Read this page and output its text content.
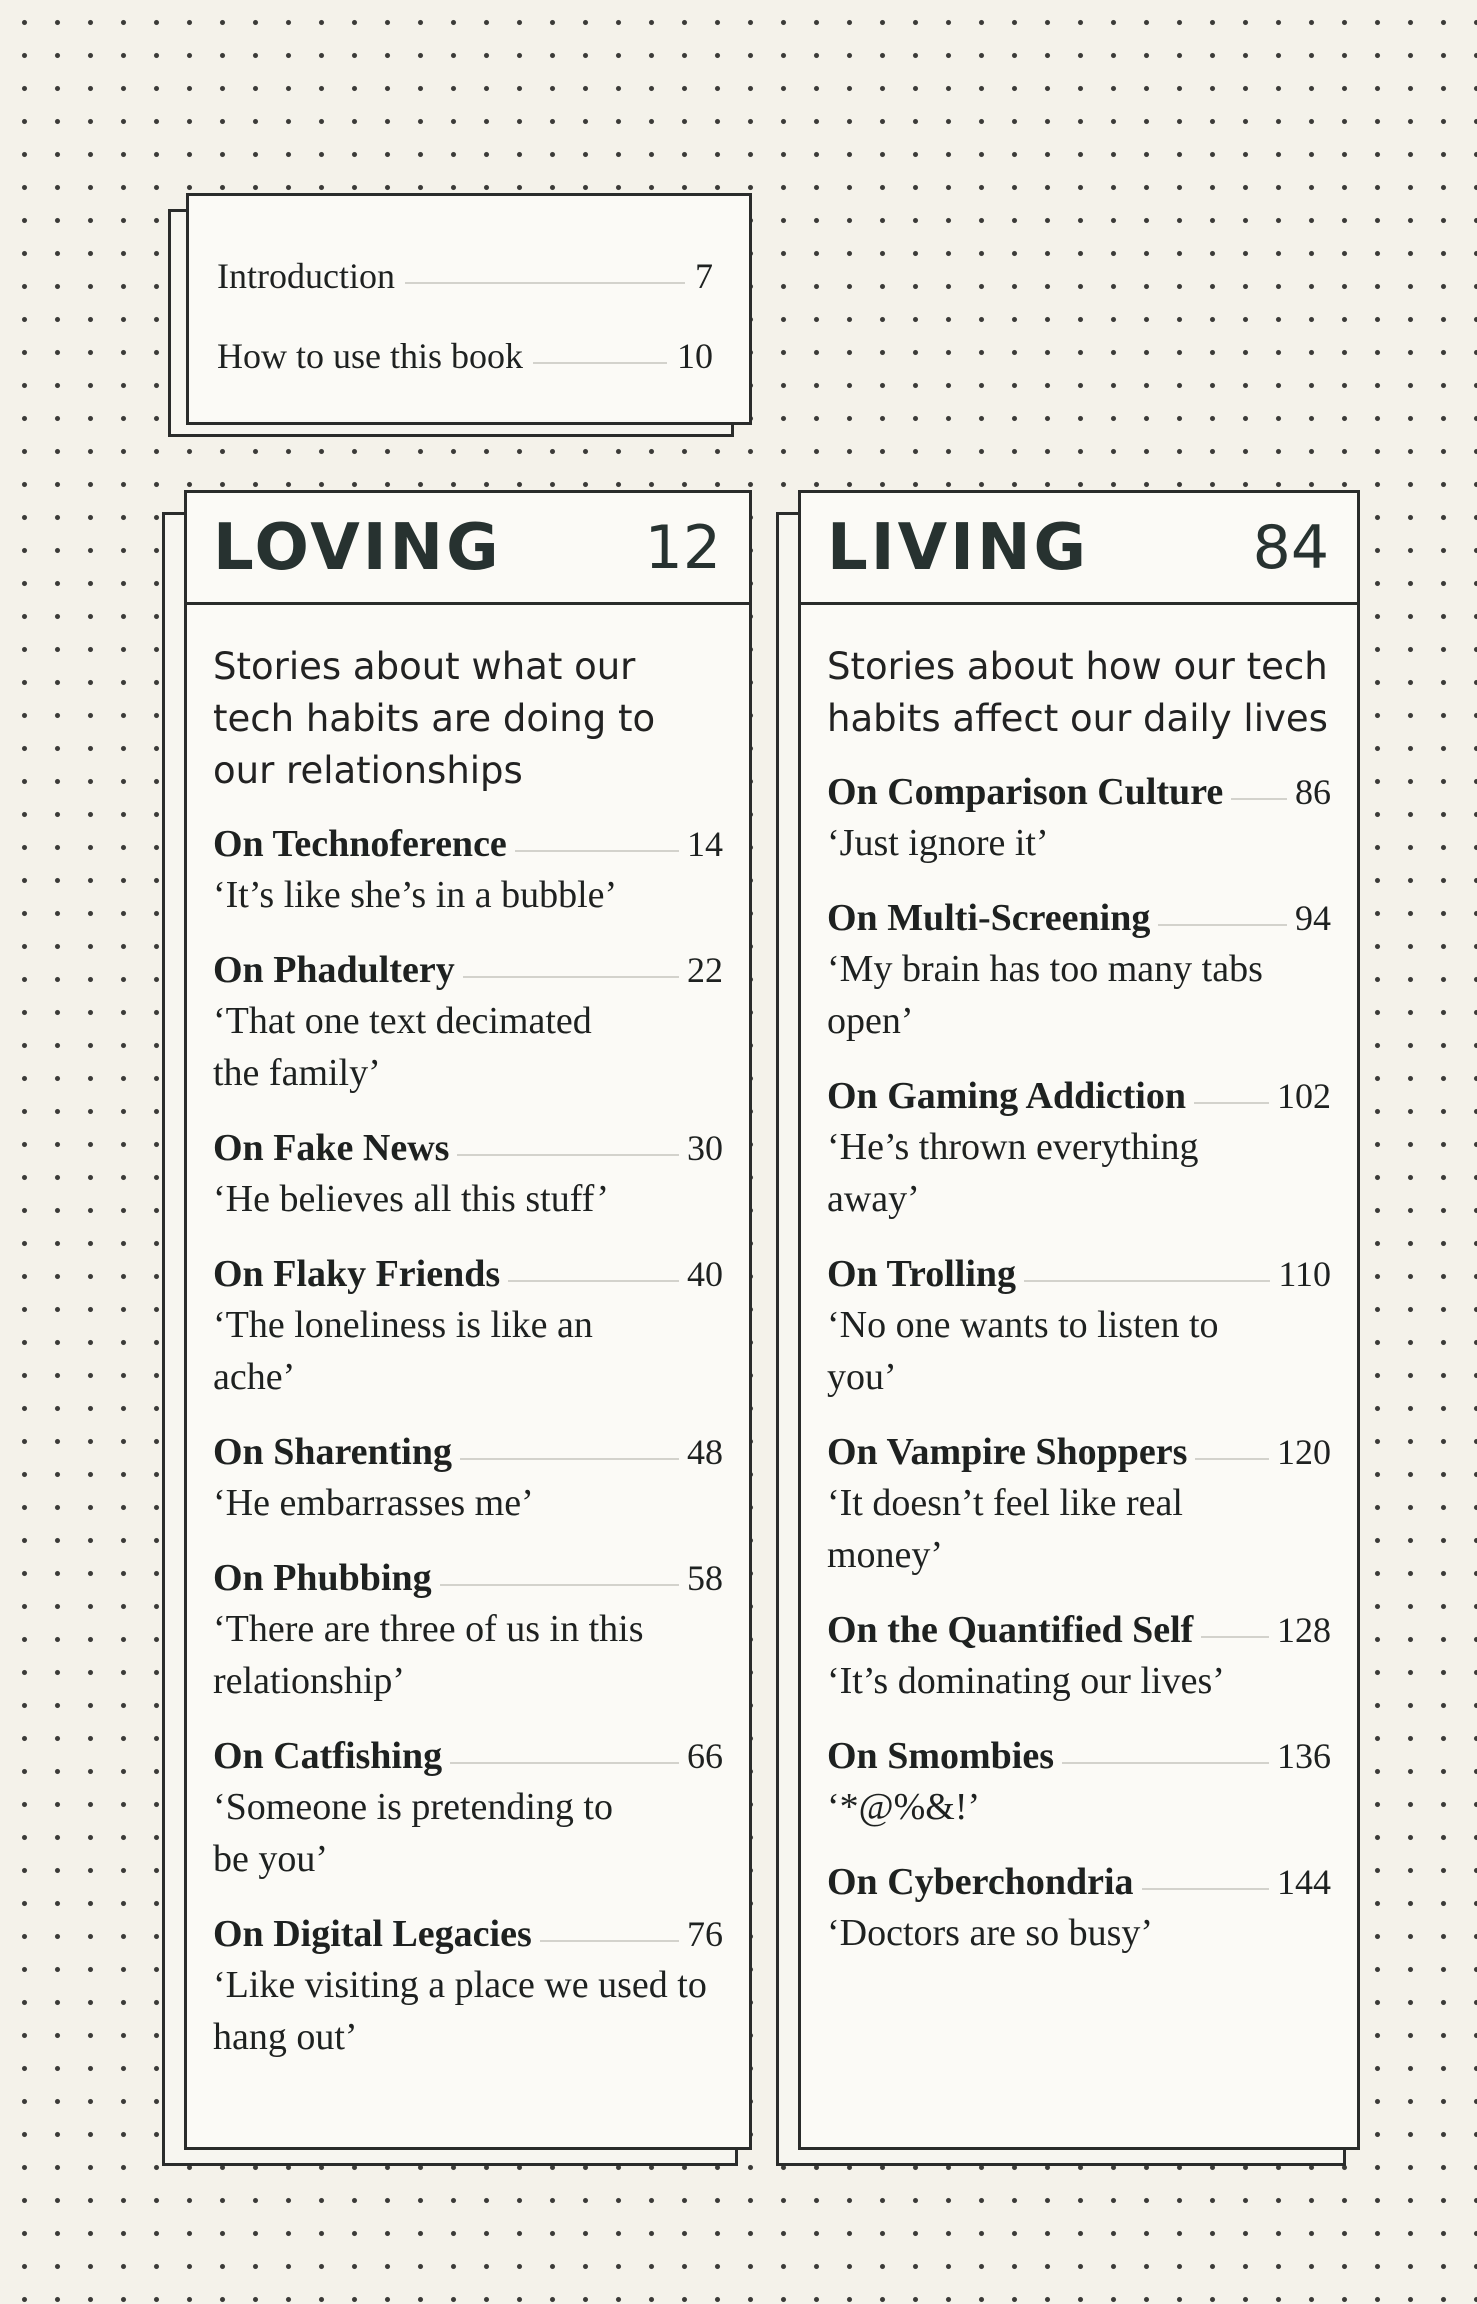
Introduction	7
How to use this book	10
LOVING 12

Stories about what our tech habits are doing to our relationships

On Technoference	14
‘It’s like she’s in a bubble’
On Phadultery	22
‘That one text decimated the family’
On Fake News	30
‘He believes all this stuff’
On Flaky Friends	40
‘The loneliness is like an ache’
On Sharenting	48
‘He embarrasses me’
On Phubbing	58
‘There are three of us in this relationship’
On Catfishing	66
‘Someone is pretending to be you’
On Digital Legacies	76
‘Like visiting a place we used to hang out’
LIVING	84

Stories about how our tech habits affect our daily lives

On Comparison Culture 86
‘Just ignore it’
On Multi-Screening	94
‘My brain has too many tabs open’
On Gaming Addiction	102
‘He’s thrown everything away’
On Trolling	110
‘No one wants to listen to you’
On Vampire Shoppers 120
‘It doesn’t feel like real money’
On the Quantified Self 128
‘It’s dominating our lives’
On Smombies	136
‘*@%&!’
On Cyberchondria	144
‘Doctors are so busy’
